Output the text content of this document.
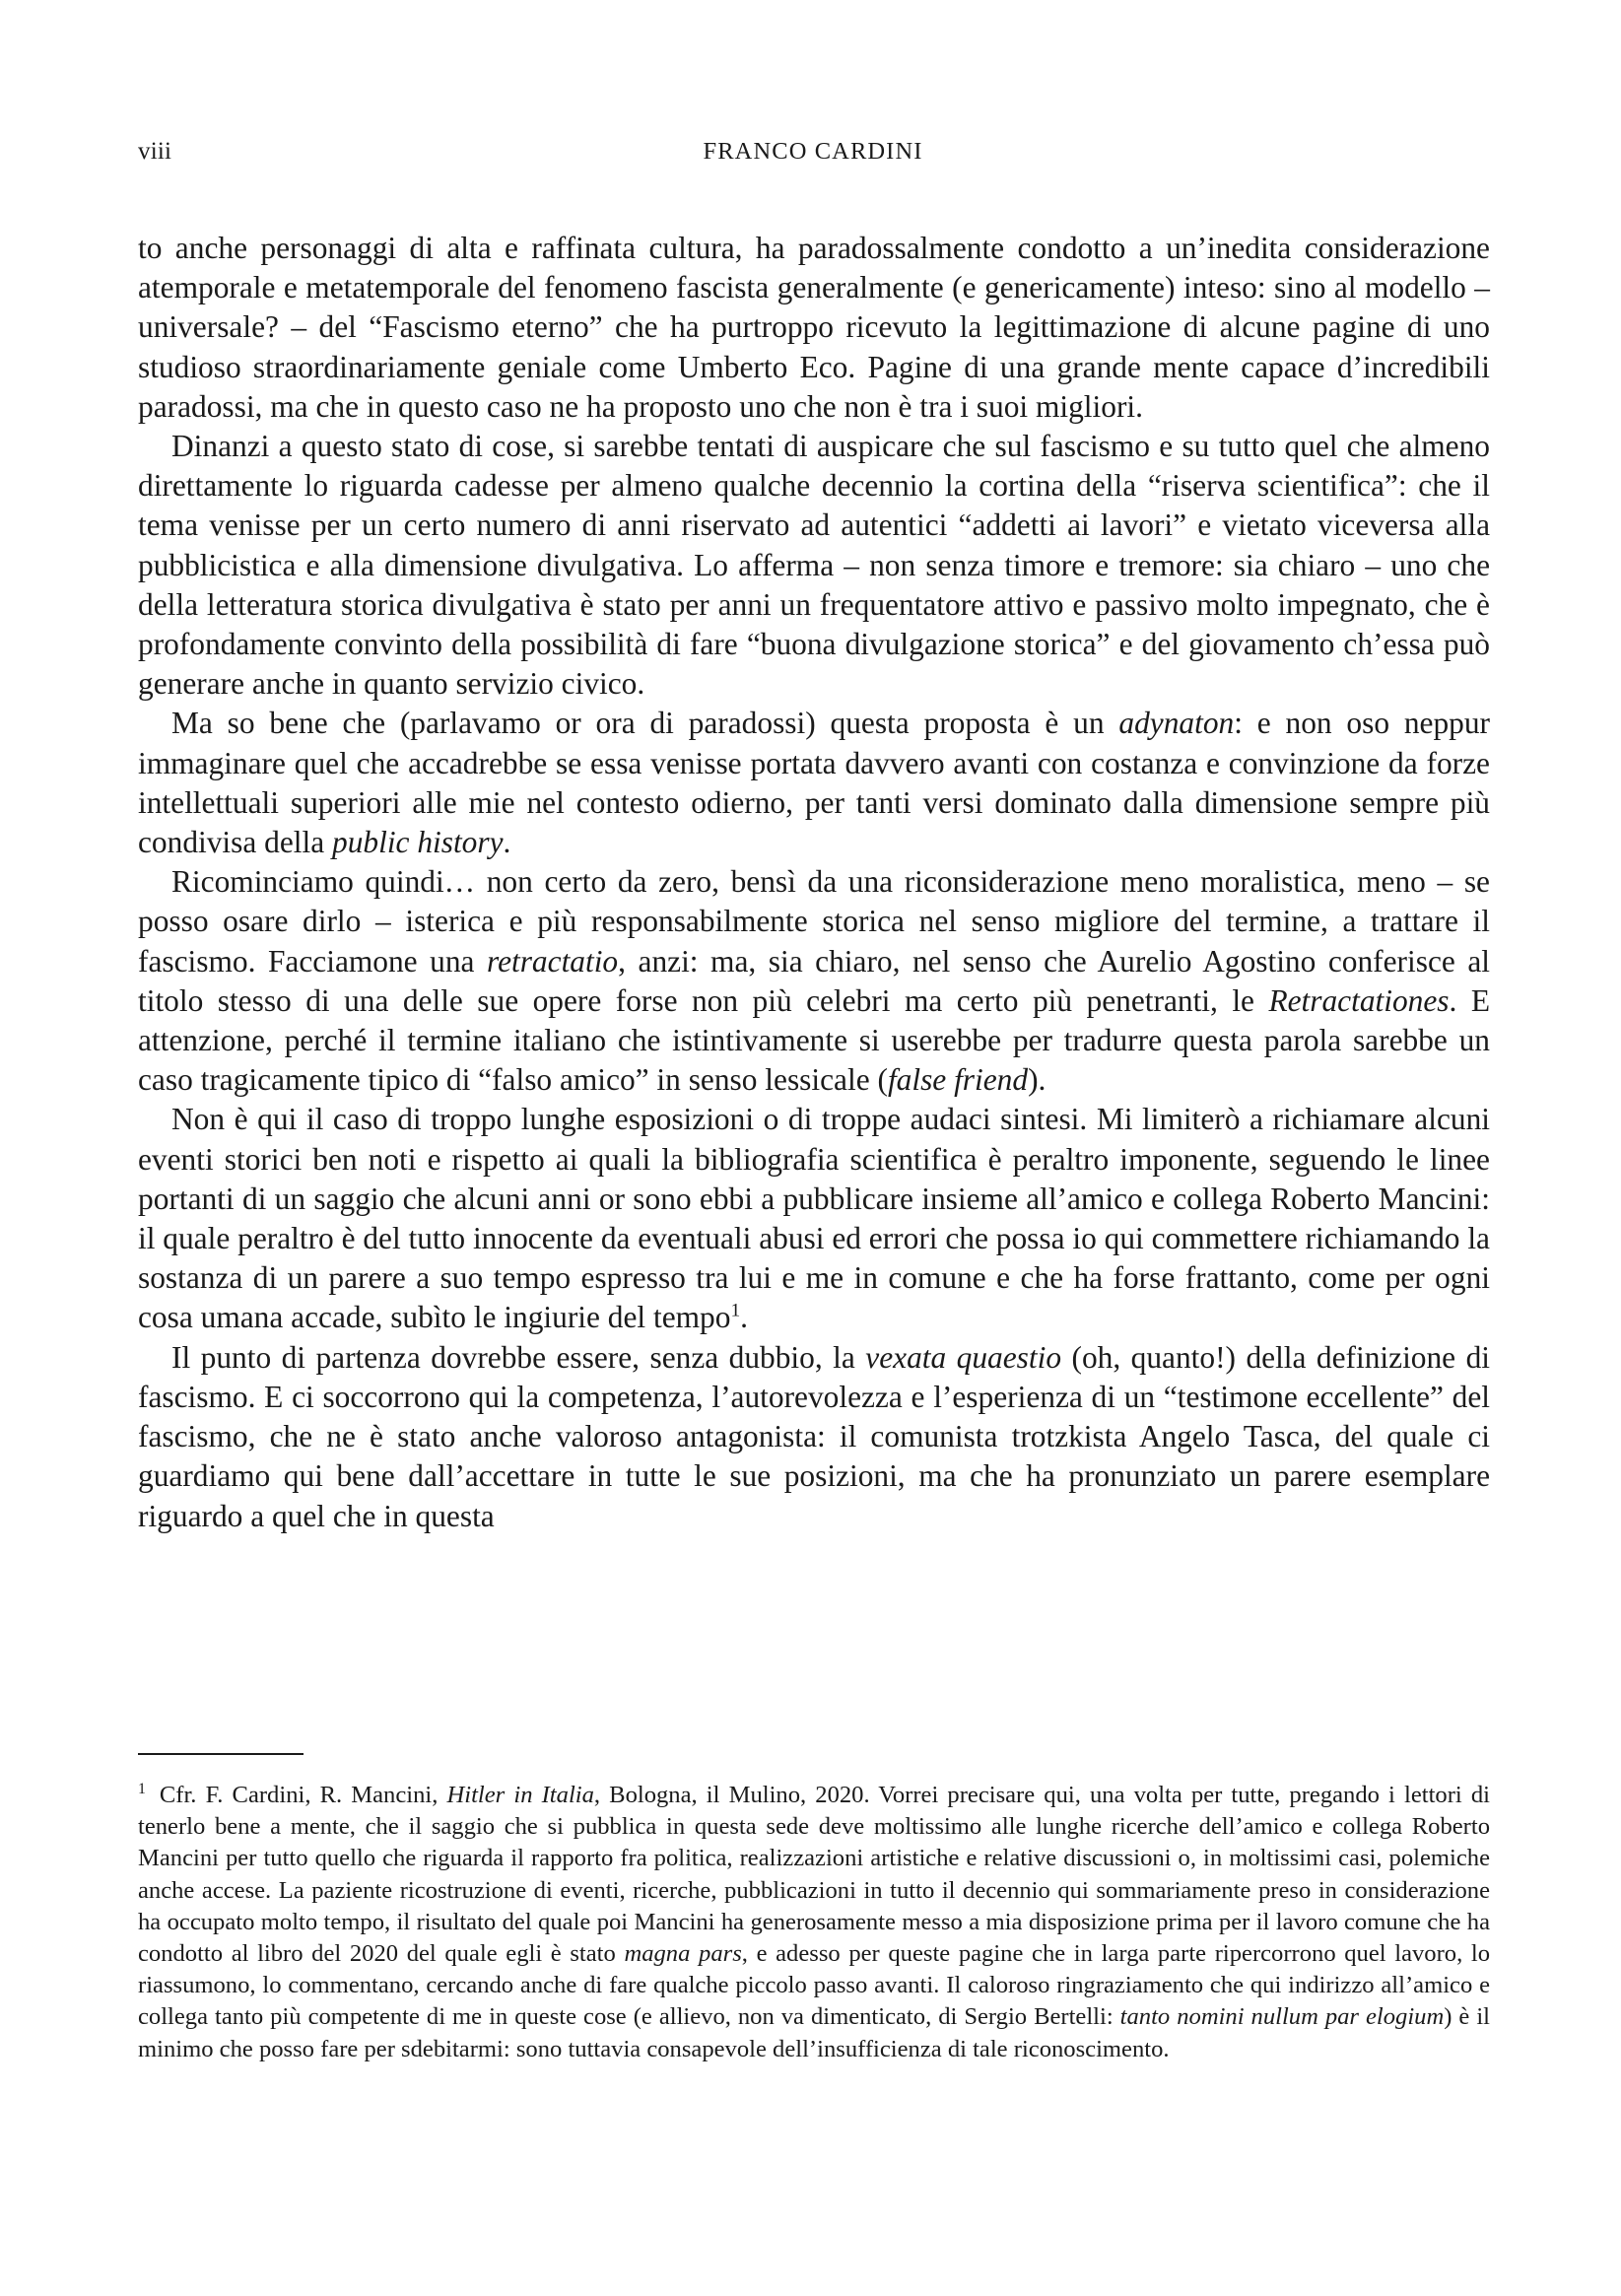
viii	FRANCO CARDINI

to anche personaggi di alta e raffinata cultura, ha paradossalmente condotto a un’inedita considerazione atemporale e metatemporale del fenomeno fascista generalmente (e genericamente) inteso: sino al modello – universale? – del “Fascismo eterno” che ha purtroppo ricevuto la legittimazione di alcune pagine di uno studioso straordinariamente geniale come Umberto Eco. Pagine di una grande mente capace d’incredibili paradossi, ma che in questo caso ne ha proposto uno che non è tra i suoi migliori.

Dinanzi a questo stato di cose, si sarebbe tentati di auspicare che sul fascismo e su tutto quel che almeno direttamente lo riguarda cadesse per almeno qualche decennio la cortina della “riserva scientifica”: che il tema venisse per un certo numero di anni riservato ad autentici “addetti ai lavori” e vietato viceversa alla pubblicistica e alla dimensione divulgativa. Lo afferma – non senza timore e tremore: sia chiaro – uno che della letteratura storica divulgativa è stato per anni un frequentatore attivo e passivo molto impegnato, che è profondamente convinto della possibilità di fare “buona divulgazione storica” e del giovamento ch’essa può generare anche in quanto servizio civico.

Ma so bene che (parlavamo or ora di paradossi) questa proposta è un adynaton: e non oso neppur immaginare quel che accadrebbe se essa venisse portata davvero avanti con costanza e convinzione da forze intellettuali superiori alle mie nel contesto odierno, per tanti versi dominato dalla dimensione sempre più condivisa della public history.

Ricominciamo quindi… non certo da zero, bensì da una riconsiderazione meno moralistica, meno – se posso osare dirlo – isterica e più responsabilmente storica nel senso migliore del termine, a trattare il fascismo. Facciamone una retractatio, anzi: ma, sia chiaro, nel senso che Aurelio Agostino conferisce al titolo stesso di una delle sue opere forse non più celebri ma certo più penetranti, le Retractationes. E attenzione, perché il termine italiano che istintivamente si userebbe per tradurre questa parola sarebbe un caso tragicamente tipico di “falso amico” in senso lessicale (false friend).

Non è qui il caso di troppo lunghe esposizioni o di troppe audaci sintesi. Mi limiterò a richiamare alcuni eventi storici ben noti e rispetto ai quali la bibliografia scientifica è peraltro imponente, seguendo le linee portanti di un saggio che alcuni anni or sono ebbi a pubblicare insieme all’amico e collega Roberto Mancini: il quale peraltro è del tutto innocente da eventuali abusi ed errori che possa io qui commettere richiamando la sostanza di un parere a suo tempo espresso tra lui e me in comune e che ha forse frattanto, come per ogni cosa umana accade, subìto le ingiurie del tempo$^1$.

Il punto di partenza dovrebbe essere, senza dubbio, la vexata quaestio (oh, quanto!) della definizione di fascismo. E ci soccorrono qui la competenza, l’autorevolezza e l’esperienza di un “testimone eccellente” del fascismo, che ne è stato anche valoroso antagonista: il comunista trotzkista Angelo Tasca, del quale ci guardiamo qui bene dall’accettare in tutte le sue posizioni, ma che ha pronunziato un parere esemplare riguardo a quel che in questa

$^1$ Cfr. F. Cardini, R. Mancini, Hitler in Italia, Bologna, il Mulino, 2020. Vorrei precisare qui, una volta per tutte, pregando i lettori di tenerlo bene a mente, che il saggio che si pubblica in questa sede deve moltissimo alle lunghe ricerche dell’amico e collega Roberto Mancini per tutto quello che riguarda il rapporto fra politica, realizzazioni artistiche e relative discussioni o, in moltissimi casi, polemiche anche accese. La paziente ricostruzione di eventi, ricerche, pubblicazioni in tutto il decennio qui sommariamente preso in considerazione ha occupato molto tempo, il risultato del quale poi Mancini ha generosamente messo a mia disposizione prima per il lavoro comune che ha condotto al libro del 2020 del quale egli è stato magna pars, e adesso per queste pagine che in larga parte ripercorrono quel lavoro, lo riassumono, lo commentano, cercando anche di fare qualche piccolo passo avanti. Il caloroso ringraziamento che qui indirizzo all’amico e collega tanto più competente di me in queste cose (e allievo, non va dimenticato, di Sergio Bertelli: tanto nomini nullum par elogium) è il minimo che posso fare per sdebitarmi: sono tuttavia consapevole dell’insufficienza di tale riconoscimento.
